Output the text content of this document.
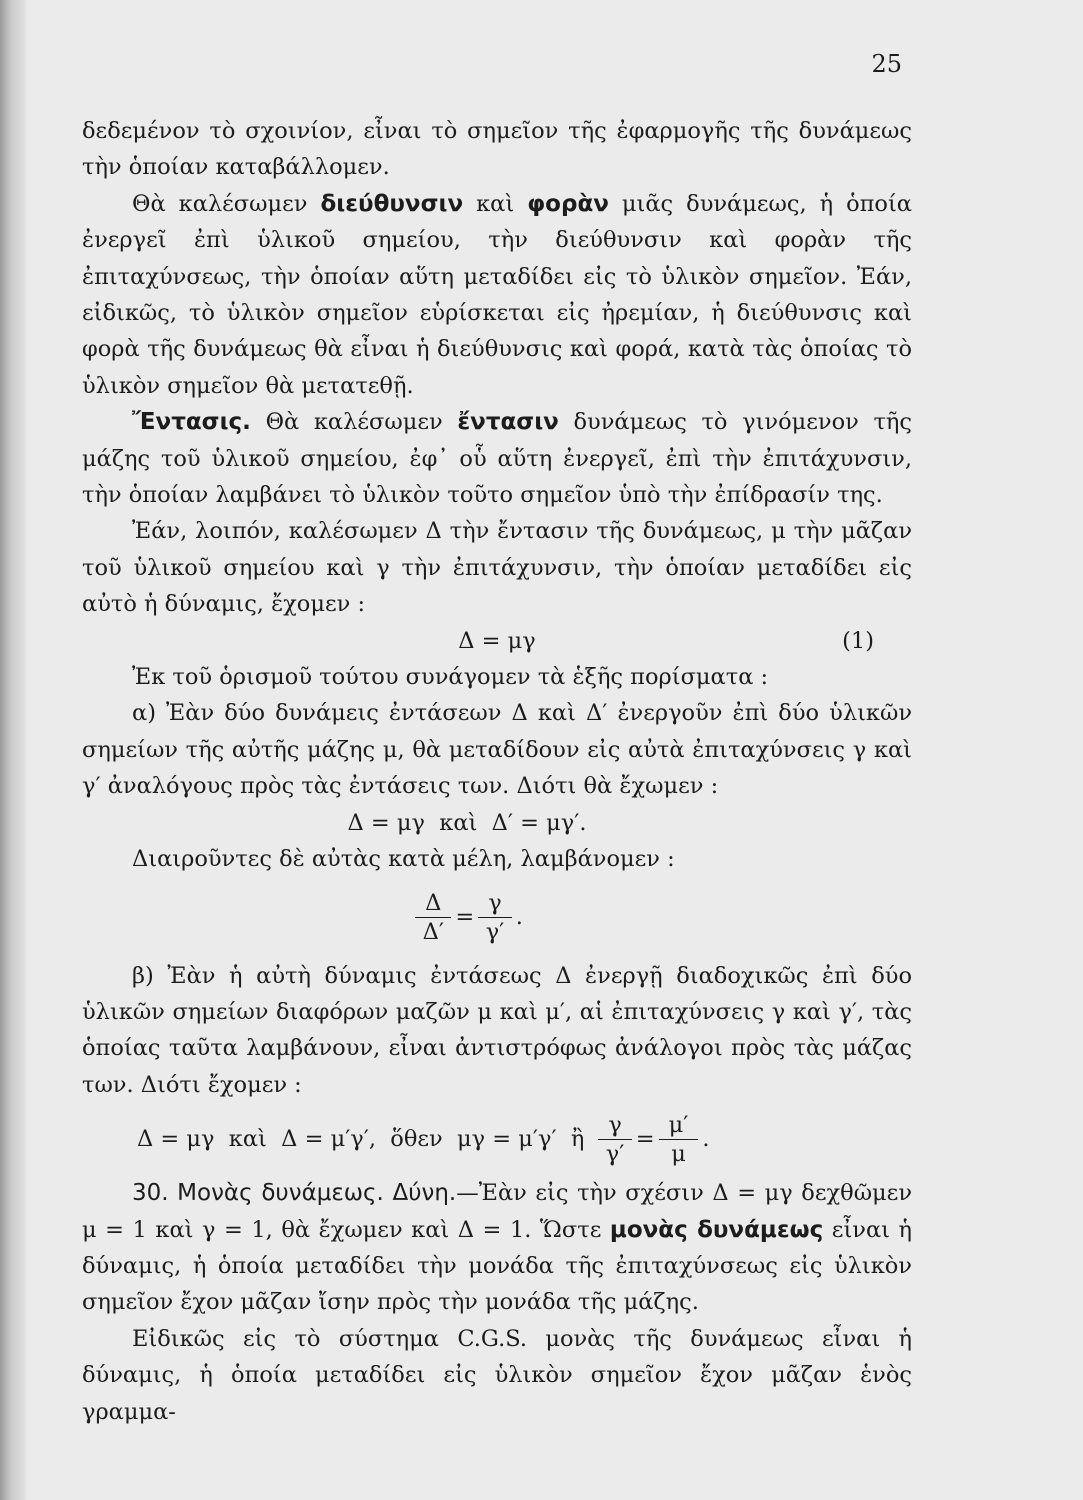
25

δεδεμένον τὸ σχοινίον, εἶναι τὸ σημεῖον τῆς ἐφαρμογῆς τῆς δυνάμεως τὴν ὁποίαν καταβάλλομεν.

Θὰ καλέσωμεν διεύθυνσιν καὶ φορὰν μιᾶς δυνάμεως, ἡ ὁποία ἐνεργεῖ ἐπὶ ὑλικοῦ σημείου, τὴν διεύθυνσιν καὶ φορὰν τῆς ἐπιταχύνσεως, τὴν ὁποίαν αὕτη μεταδίδει εἰς τὸ ὑλικὸν σημεῖον. Ἐάν, εἰδικῶς, τὸ ὑλικὸν σημεῖον εὑρίσκεται εἰς ἠρεμίαν, ἡ διεύθυνσις καὶ φορὰ τῆς δυνάμεως θὰ εἶναι ἡ διεύθυνσις καὶ φορά, κατὰ τὰς ὁποίας τὸ ὑλικὸν σημεῖον θὰ μετατεθῇ.

Ἔντασις. Θὰ καλέσωμεν ἔντασιν δυνάμεως τὸ γινόμενον τῆς μάζης τοῦ ὑλικοῦ σημείου, ἐφ᾽ οὗ αὕτη ἐνεργεῖ, ἐπὶ τὴν ἐπιτάχυνσιν, τὴν ὁποίαν λαμβάνει τὸ ὑλικὸν τοῦτο σημεῖον ὑπὸ τὴν ἐπίδρασίν της.

Ἐάν, λοιπόν, καλέσωμεν Δ τὴν ἔντασιν τῆς δυνάμεως, μ τὴν μᾶζαν τοῦ ὑλικοῦ σημείου καὶ γ τὴν ἐπιτάχυνσιν, τὴν ὁποίαν μεταδίδει εἰς αὐτὸ ἡ δύναμις, ἔχομεν :

Δ = μγ	(1)

Ἐκ τοῦ ὁρισμοῦ τούτου συνάγομεν τὰ ἑξῆς πορίσματα :

α) Ἐὰν δύο δυνάμεις ἐντάσεων Δ καὶ Δ′ ἐνεργοῦν ἐπὶ δύο ὑλικῶν σημείων τῆς αὐτῆς μάζης μ, θὰ μεταδίδουν εἰς αὐτὰ ἐπιταχύνσεις γ καὶ γ′ ἀναλόγους πρὸς τὰς ἐντάσεις των. Διότι θὰ ἔχωμεν :

Δ = μγ  καὶ  Δ′ = μγ′.

Διαιροῦντες δὲ αὐτὰς κατὰ μέλη, λαμβάνομεν :

$\frac{\Delta}{\Delta'} = \frac{\gamma}{\gamma'}$ .

β) Ἐὰν ἡ αὐτὴ δύναμις ἐντάσεως Δ ἐνεργῇ διαδοχικῶς ἐπὶ δύο ὑλικῶν σημείων διαφόρων μαζῶν μ καὶ μ′, αἱ ἐπιταχύνσεις γ καὶ γ′, τὰς ὁποίας ταῦτα λαμβάνουν, εἶναι ἀντιστρόφως ἀνάλογοι πρὸς τὰς μάζας των. Διότι ἔχομεν :

Δ = μγ  καὶ  Δ = μ′γ′,  ὅθεν  μγ = μ′γ′  ἢ $\frac{\gamma}{\gamma'} = \frac{\mu'}{\mu}$ .

30. Μονὰς δυνάμεως. Δύνη.—Ἐὰν εἰς τὴν σχέσιν Δ = μγ δεχθῶμεν μ = 1 καὶ γ = 1, θὰ ἔχωμεν καὶ Δ = 1. Ὥστε μονὰς δυνάμεως εἶναι ἡ δύναμις, ἡ ὁποία μεταδίδει τὴν μονάδα τῆς ἐπιταχύνσεως εἰς ὑλικὸν σημεῖον ἔχον μᾶζαν ἴσην πρὸς τὴν μονάδα τῆς μάζης.

Εἰδικῶς εἰς τὸ σύστημα C.G.S. μονὰς τῆς δυνάμεως εἶναι ἡ δύναμις, ἡ ὁποία μεταδίδει εἰς ὑλικὸν σημεῖον ἔχον μᾶζαν ἑνὸς γραμμα-
